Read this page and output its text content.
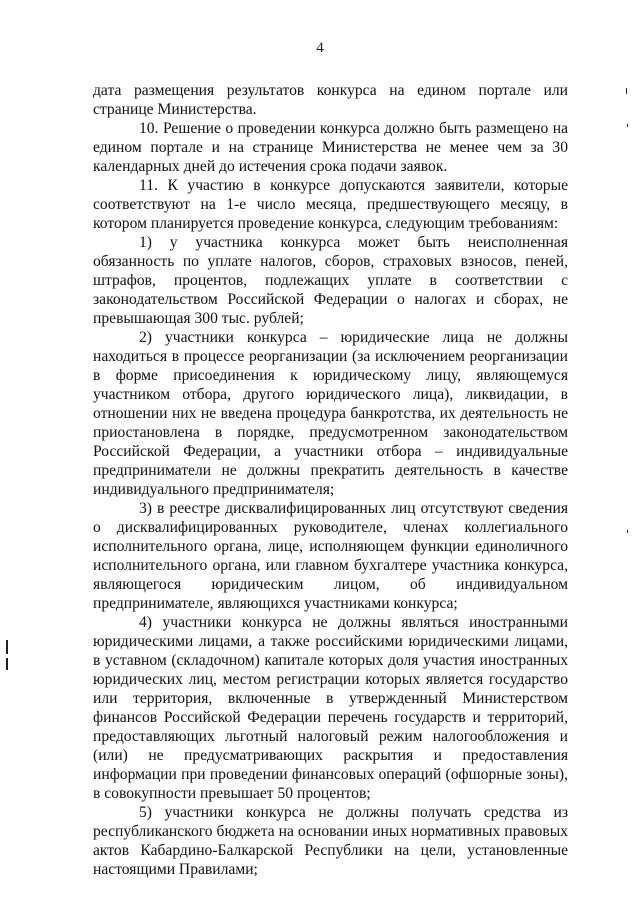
4

дата размещения результатов конкурса на едином портале или странице Министерства.

10. Решение о проведении конкурса должно быть размещено на едином портале и на странице Министерства не менее чем за 30 календарных дней до истечения срока подачи заявок.

11. К участию в конкурсе допускаются заявители, которые соответствуют на 1-е число месяца, предшествующего месяцу, в котором планируется проведение конкурса, следующим требованиям:

1) у участника конкурса может быть неисполненная обязанность по уплате налогов, сборов, страховых взносов, пеней, штрафов, процентов, подлежащих уплате в соответствии с законодательством Российской Федерации о налогах и сборах, не превышающая 300 тыс. рублей;

2) участники конкурса – юридические лица не должны находиться в процессе реорганизации (за исключением реорганизации в форме присоединения к юридическому лицу, являющемуся участником отбора, другого юридического лица), ликвидации, в отношении них не введена процедура банкротства, их деятельность не приостановлена в порядке, предусмотренном законодательством Российской Федерации, а участники отбора – индивидуальные предприниматели не должны прекратить деятельность в качестве индивидуального предпринимателя;

3) в реестре дисквалифицированных лиц отсутствуют сведения о дисквалифицированных руководителе, членах коллегиального исполнительного органа, лице, исполняющем функции единоличного исполнительного органа, или главном бухгалтере участника конкурса, являющегося юридическим лицом, об индивидуальном предпринимателе, являющихся участниками конкурса;

4) участники конкурса не должны являться иностранными юридическими лицами, а также российскими юридическими лицами, в уставном (складочном) капитале которых доля участия иностранных юридических лиц, местом регистрации которых является государство или территория, включенные в утвержденный Министерством финансов Российской Федерации перечень государств и территорий, предоставляющих льготный налоговый режим налогообложения и (или) не предусматривающих раскрытия и предоставления информации при проведении финансовых операций (офшорные зоны), в совокупности превышает 50 процентов;

5) участники конкурса не должны получать средства из республиканского бюджета на основании иных нормативных правовых актов Кабардино-Балкарской Республики на цели, установленные настоящими Правилами;
